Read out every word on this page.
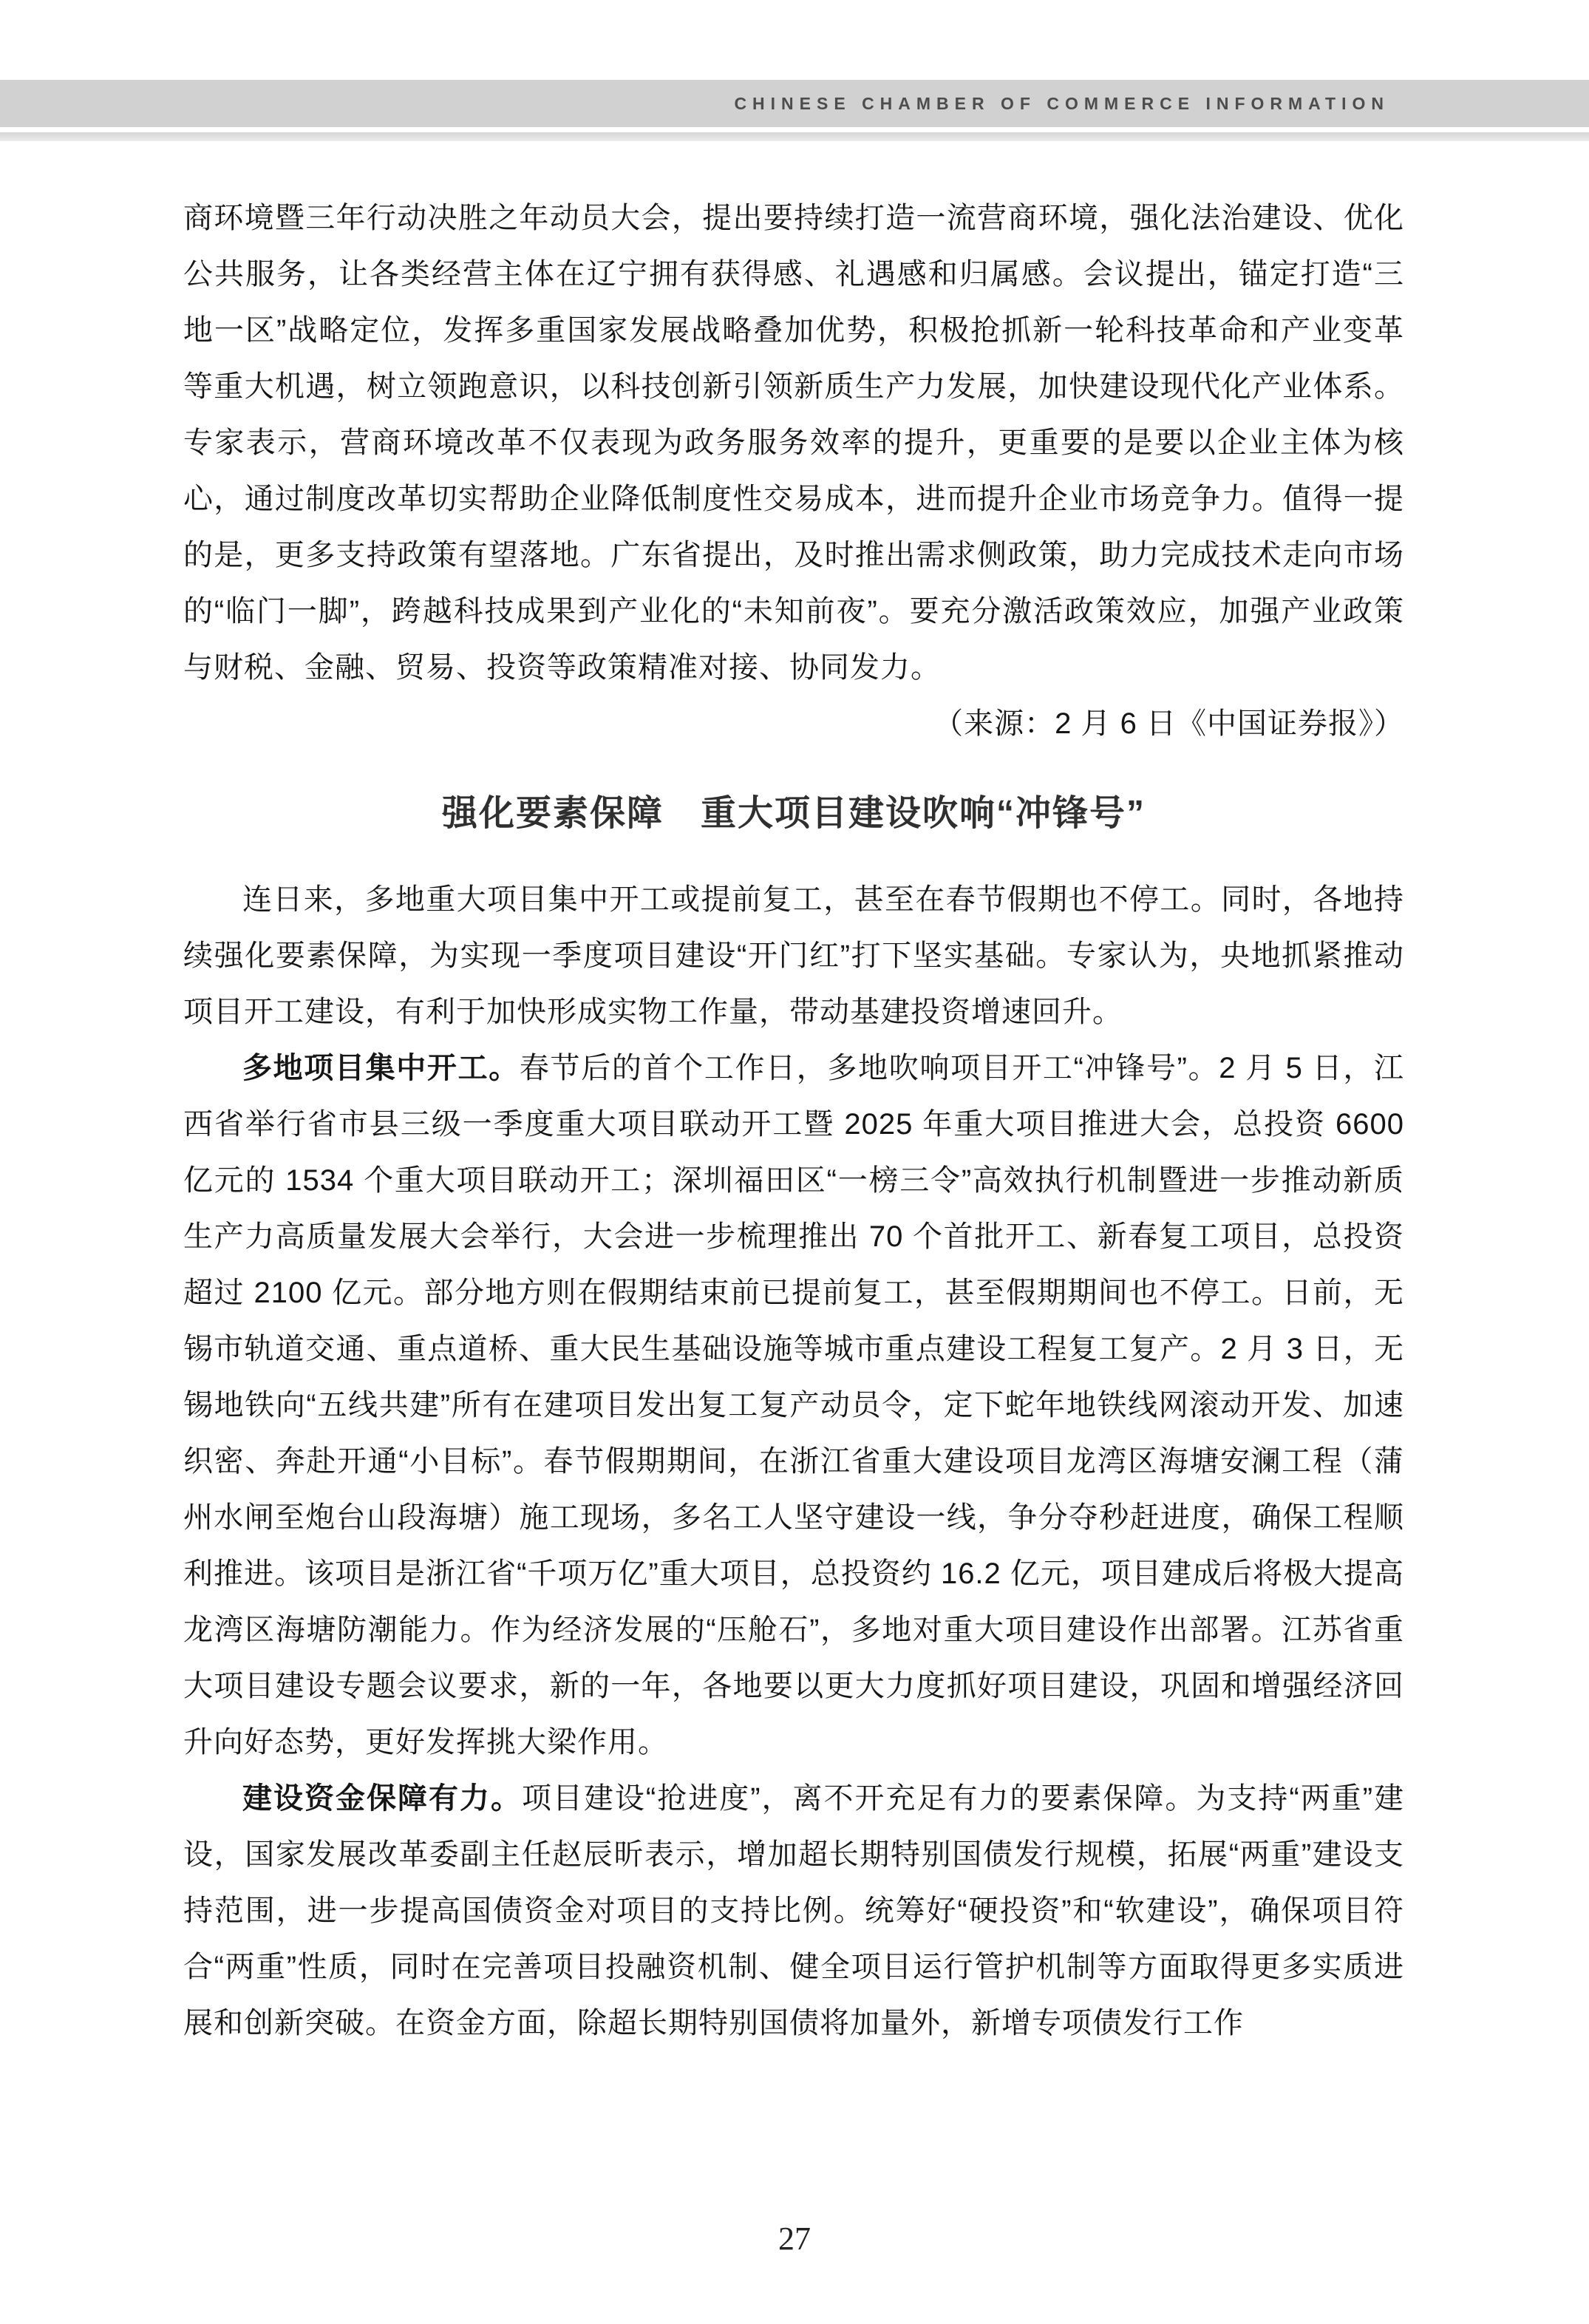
CHINESE CHAMBER OF COMMERCE INFORMATION

商环境暨三年行动决胜之年动员大会，提出要持续打造一流营商环境，强化法治建设、优化公共服务，让各类经营主体在辽宁拥有获得感、礼遇感和归属感。会议提出，锚定打造“三地一区”战略定位，发挥多重国家发展战略叠加优势，积极抢抓新一轮科技革命和产业变革等重大机遇，树立领跑意识，以科技创新引领新质生产力发展，加快建设现代化产业体系。专家表示，营商环境改革不仅表现为政务服务效率的提升，更重要的是要以企业主体为核心，通过制度改革切实帮助企业降低制度性交易成本，进而提升企业市场竞争力。值得一提的是，更多支持政策有望落地。广东省提出，及时推出需求侧政策，助力完成技术走向市场的“临门一脚”，跨越科技成果到产业化的“未知前夜”。要充分激活政策效应，加强产业政策与财税、金融、贸易、投资等政策精准对接、协同发力。
（来源：2 月 6 日《中国证券报》）

强化要素保障　重大项目建设吹响“冲锋号”

连日来，多地重大项目集中开工或提前复工，甚至在春节假期也不停工。同时，各地持续强化要素保障，为实现一季度项目建设“开门红”打下坚实基础。专家认为，央地抓紧推动项目开工建设，有利于加快形成实物工作量，带动基建投资增速回升。

多地项目集中开工。春节后的首个工作日，多地吹响项目开工“冲锋号”。2 月 5 日，江西省举行省市县三级一季度重大项目联动开工暨 2025 年重大项目推进大会，总投资 6600 亿元的 1534 个重大项目联动开工；深圳福田区“一榜三令”高效执行机制暨进一步推动新质生产力高质量发展大会举行，大会进一步梳理推出 70 个首批开工、新春复工项目，总投资超过 2100 亿元。部分地方则在假期结束前已提前复工，甚至假期期间也不停工。日前，无锡市轨道交通、重点道桥、重大民生基础设施等城市重点建设工程复工复产。2 月 3 日，无锡地铁向“五线共建”所有在建项目发出复工复产动员令，定下蛇年地铁线网滚动开发、加速织密、奔赴开通“小目标”。春节假期期间，在浙江省重大建设项目龙湾区海塘安澜工程（蒲州水闸至炮台山段海塘）施工现场，多名工人坚守建设一线，争分夺秒赶进度，确保工程顺利推进。该项目是浙江省“千项万亿”重大项目，总投资约 16.2 亿元，项目建成后将极大提高龙湾区海塘防潮能力。作为经济发展的“压舱石”，多地对重大项目建设作出部署。江苏省重大项目建设专题会议要求，新的一年，各地要以更大力度抓好项目建设，巩固和增强经济回升向好态势，更好发挥挑大梁作用。

建设资金保障有力。项目建设“抢进度”，离不开充足有力的要素保障。为支持“两重”建设，国家发展改革委副主任赵辰昕表示，增加超长期特别国债发行规模，拓展“两重”建设支持范围，进一步提高国债资金对项目的支持比例。统筹好“硬投资”和“软建设”，确保项目符合“两重”性质，同时在完善项目投融资机制、健全项目运行管护机制等方面取得更多实质进展和创新突破。在资金方面，除超长期特别国债将加量外，新增专项债发行工作

27
